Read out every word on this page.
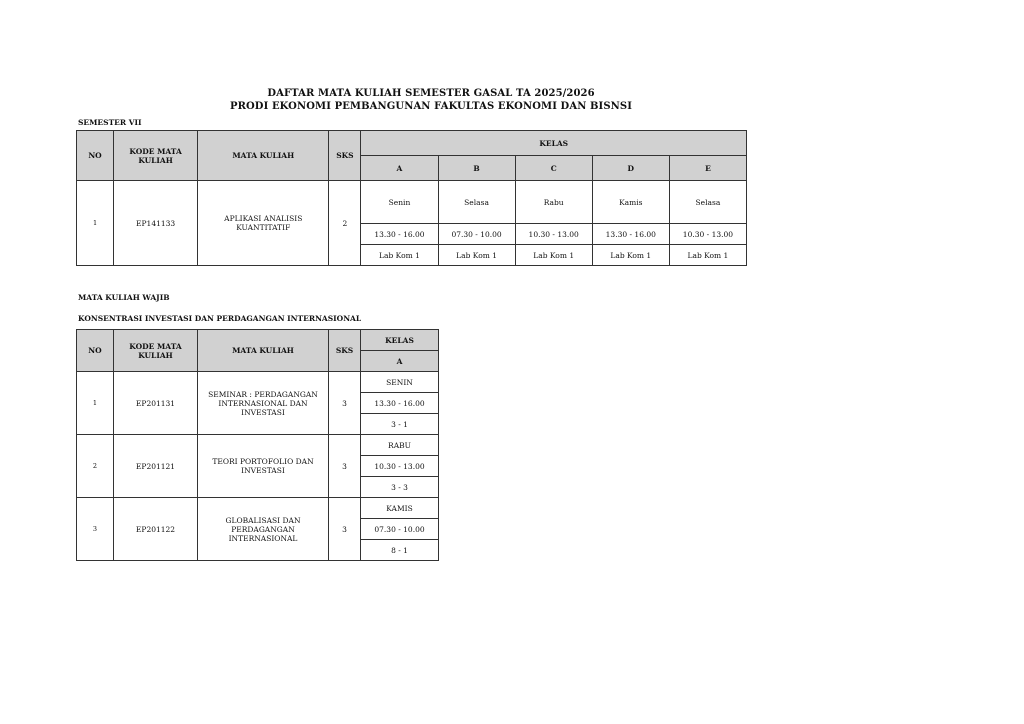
DAFTAR MATA KULIAH SEMESTER GASAL TA 2025/2026
PRODI EKONOMI PEMBANGUNAN FAKULTAS EKONOMI DAN BISNSI
SEMESTER VII
NO	KODE MATA KULIAH	MATA KULIAH	SKS	KELAS				
				A	B	C	D	E
1	EP141133	APLIKASI ANALISIS KUANTITATIF	2	Senin	Selasa	Rabu	Kamis	Selasa
				13.30 - 16.00	07.30 - 10.00	10.30 - 13.00	13.30 - 16.00	10.30 - 13.00
				Lab Kom 1	Lab Kom 1	Lab Kom 1	Lab Kom 1	Lab Kom 1
MATA KULIAH WAJIB
KONSENTRASI INVESTASI DAN PERDAGANGAN INTERNASIONAL
NO	KODE MATA KULIAH	MATA KULIAH	SKS	KELAS
				A
1	EP201131	SEMINAR : PERDAGANGAN INTERNASIONAL DAN INVESTASI	3	SENIN
				13.30 - 16.00
				3 - 1
2	EP201121	TEORI PORTOFOLIO DAN INVESTASI	3	RABU
				10.30 - 13.00
				3 - 3
3	EP201122	GLOBALISASI DAN PERDAGANGAN INTERNASIONAL	3	KAMIS
				07.30 - 10.00
				8 - 1
